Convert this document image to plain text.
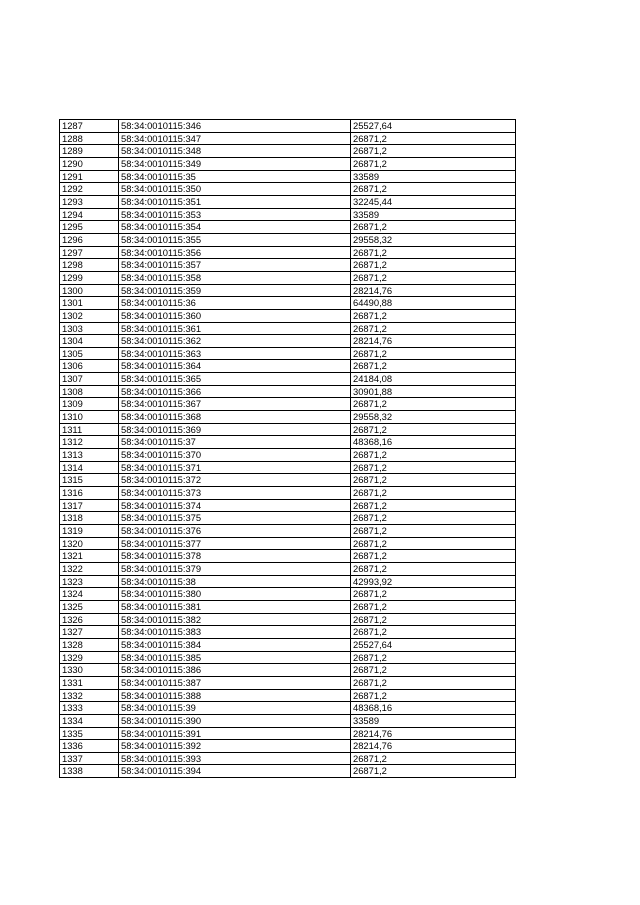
1287	58:34:0010115:346	25527,64
1288	58:34:0010115:347	26871,2
1289	58:34:0010115:348	26871,2
1290	58:34:0010115:349	26871,2
1291	58:34:0010115:35	33589
1292	58:34:0010115:350	26871,2
1293	58:34:0010115:351	32245,44
1294	58:34:0010115:353	33589
1295	58:34:0010115:354	26871,2
1296	58:34:0010115:355	29558,32
1297	58:34:0010115:356	26871,2
1298	58:34:0010115:357	26871,2
1299	58:34:0010115:358	26871,2
1300	58:34:0010115:359	28214,76
1301	58:34:0010115:36	64490,88
1302	58:34:0010115:360	26871,2
1303	58:34:0010115:361	26871,2
1304	58:34:0010115:362	28214,76
1305	58:34:0010115:363	26871,2
1306	58:34:0010115:364	26871,2
1307	58:34:0010115:365	24184,08
1308	58:34:0010115:366	30901,88
1309	58:34:0010115:367	26871,2
1310	58:34:0010115:368	29558,32
1311	58:34:0010115:369	26871,2
1312	58:34:0010115:37	48368,16
1313	58:34:0010115:370	26871,2
1314	58:34:0010115:371	26871,2
1315	58:34:0010115:372	26871,2
1316	58:34:0010115:373	26871,2
1317	58:34:0010115:374	26871,2
1318	58:34:0010115:375	26871,2
1319	58:34:0010115:376	26871,2
1320	58:34:0010115:377	26871,2
1321	58:34:0010115:378	26871,2
1322	58:34:0010115:379	26871,2
1323	58:34:0010115:38	42993,92
1324	58:34:0010115:380	26871,2
1325	58:34:0010115:381	26871,2
1326	58:34:0010115:382	26871,2
1327	58:34:0010115:383	26871,2
1328	58:34:0010115:384	25527,64
1329	58:34:0010115:385	26871,2
1330	58:34:0010115:386	26871,2
1331	58:34:0010115:387	26871,2
1332	58:34:0010115:388	26871,2
1333	58:34:0010115:39	48368,16
1334	58:34:0010115:390	33589
1335	58:34:0010115:391	28214,76
1336	58:34:0010115:392	28214,76
1337	58:34:0010115:393	26871,2
1338	58:34:0010115:394	26871,2
